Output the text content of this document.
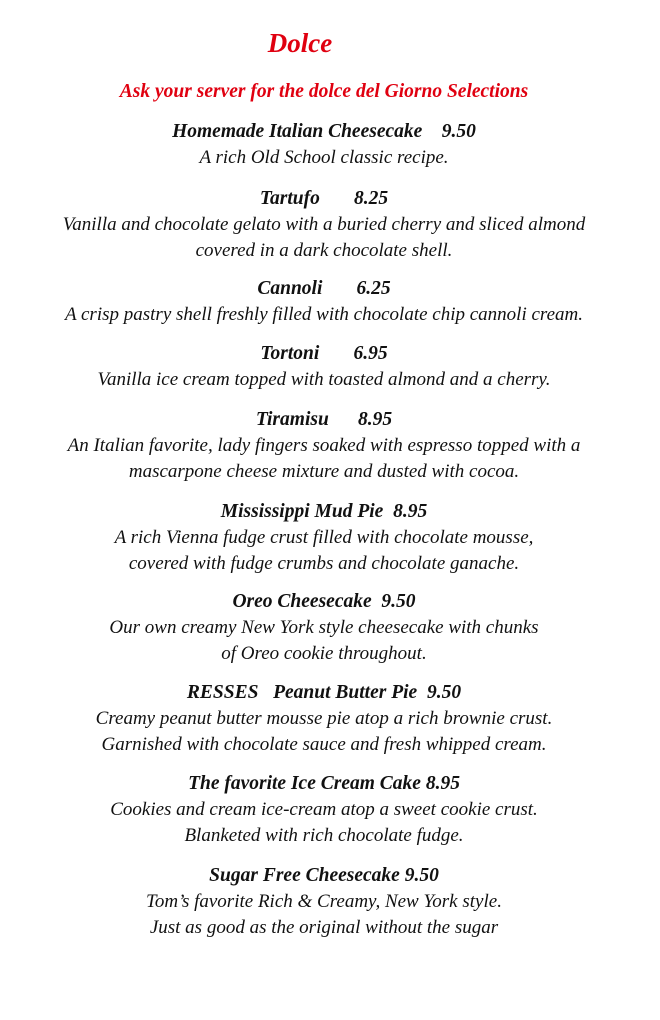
Dolce
Ask your server for the dolce del Giorno Selections
Homemade Italian Cheesecake 9.50
A rich Old School classic recipe.
Tartufo 8.25
Vanilla and chocolate gelato with a buried cherry and sliced almond
covered in a dark chocolate shell.
Cannoli 6.25
A crisp pastry shell freshly filled with chocolate chip cannoli cream.
Tortoni 6.95
Vanilla ice cream topped with toasted almond and a cherry.
Tiramisu 8.95
An Italian favorite, lady fingers soaked with espresso topped with a
mascarpone cheese mixture and dusted with cocoa.
Mississippi Mud Pie 8.95
A rich Vienna fudge crust filled with chocolate mousse,
covered with fudge crumbs and chocolate ganache.
Oreo Cheesecake 9.50
Our own creamy New York style cheesecake with chunks
of Oreo cookie throughout.
RESSES   Peanut Butter Pie 9.50
Creamy peanut butter mousse pie atop a rich brownie crust.
Garnished with chocolate sauce and fresh whipped cream.
The favorite Ice Cream Cake 8.95
Cookies and cream ice-cream atop a sweet cookie crust.
Blanketed with rich chocolate fudge.
Sugar Free Cheesecake 9.50
Tom’s favorite Rich & Creamy, New York style.
Just as good as the original without the sugar
